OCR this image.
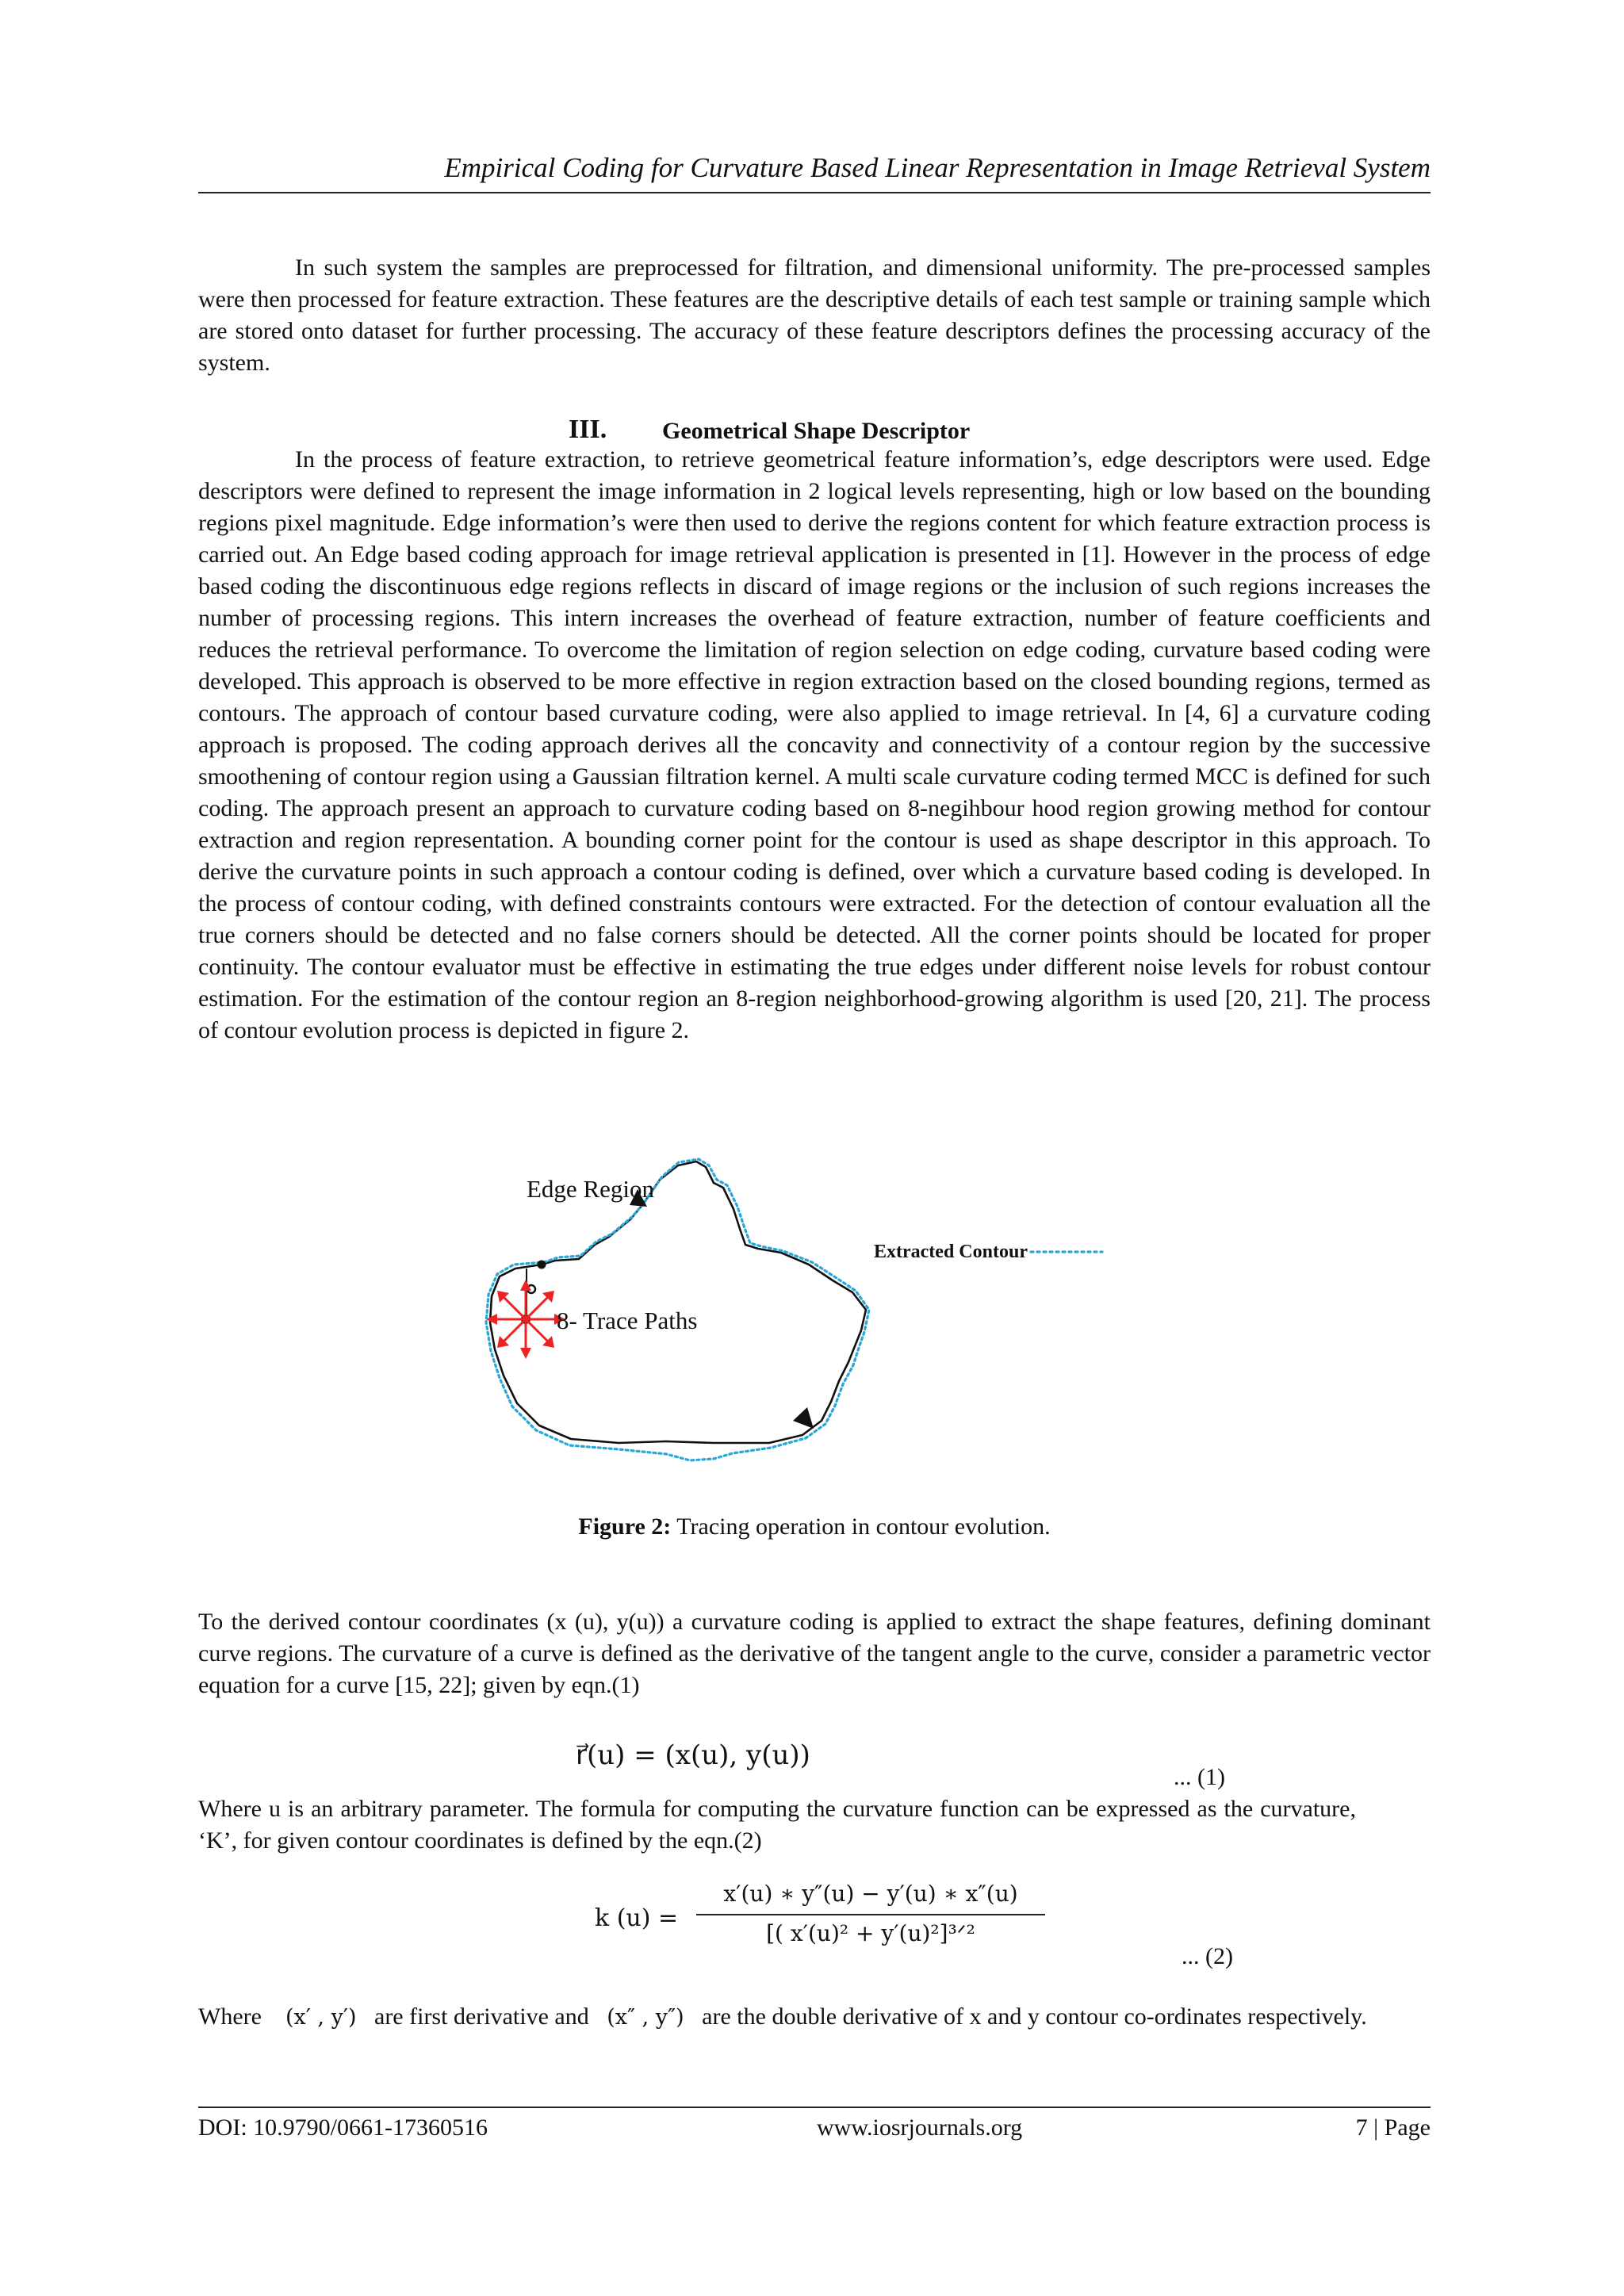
Empirical Coding for Curvature Based Linear Representation in Image Retrieval System

In such system the samples are preprocessed for filtration, and dimensional uniformity. The pre-processed samples were then processed for feature extraction. These features are the descriptive details of each test sample or training sample which are stored onto dataset for further processing. The accuracy of these feature descriptors defines the processing accuracy of the system.

III. Geometrical Shape Descriptor

In the process of feature extraction, to retrieve geometrical feature information’s, edge descriptors were used. Edge descriptors were defined to represent the image information in 2 logical levels representing, high or low based on the bounding regions pixel magnitude. Edge information’s were then used to derive the regions content for which feature extraction process is carried out. An Edge based coding approach for image retrieval application is presented in [1]. However in the process of edge based coding the discontinuous edge regions reflects in discard of image regions or the inclusion of such regions increases the number of processing regions. This intern increases the overhead of feature extraction, number of feature coefficients and reduces the retrieval performance. To overcome the limitation of region selection on edge coding, curvature based coding were developed. This approach is observed to be more effective in region extraction based on the closed bounding regions, termed as contours. The approach of contour based curvature coding, were also applied to image retrieval. In [4, 6] a curvature coding approach is proposed. The coding approach derives all the concavity and connectivity of a contour region by the successive smoothening of contour region using a Gaussian filtration kernel. A multi scale curvature coding termed MCC is defined for such coding. The approach present an approach to curvature coding based on 8-negihbour hood region growing method for contour extraction and region representation. A bounding corner point for the contour is used as shape descriptor in this approach. To derive the curvature points in such approach a contour coding is defined, over which a curvature based coding is developed. In the process of contour coding, with defined constraints contours were extracted. For the detection of contour evaluation all the true corners should be detected and no false corners should be detected. All the corner points should be located for proper continuity. The contour evaluator must be effective in estimating the true edges under different noise levels for robust contour estimation. For the estimation of the contour region an 8-region neighborhood-growing algorithm is used [20, 21]. The process of contour evolution process is depicted in figure 2.

Edge Region
8- Trace Paths
Extracted Contour
Figure 2: Tracing operation in contour evolution.

To the derived contour coordinates (x (u), y(u)) a curvature coding is applied to extract the shape features, defining dominant curve regions. The curvature of a curve is defined as the derivative of the tangent angle to the curve, consider a parametric vector equation for a curve [15, 22]; given by eqn.(1)

r⃗(u) = (x(u), y(u))
... (1)

Where u is an arbitrary parameter. The formula for computing the curvature function can be expressed as the curvature, ‘K’, for given contour coordinates is defined by the eqn.(2)

k (u) =
x′(u) ∗ y″(u) − y′(u) ∗ x″(u)
[( x′(u)² + y′(u)²]³ᐟ²
... (2)
Where (x′ , y′) are first derivative and (x″ , y″) are the double derivative of x and y contour co-ordinates respectively.
DOI: 10.9790/0661-17360516	www.iosrjournals.org	7 | Page
